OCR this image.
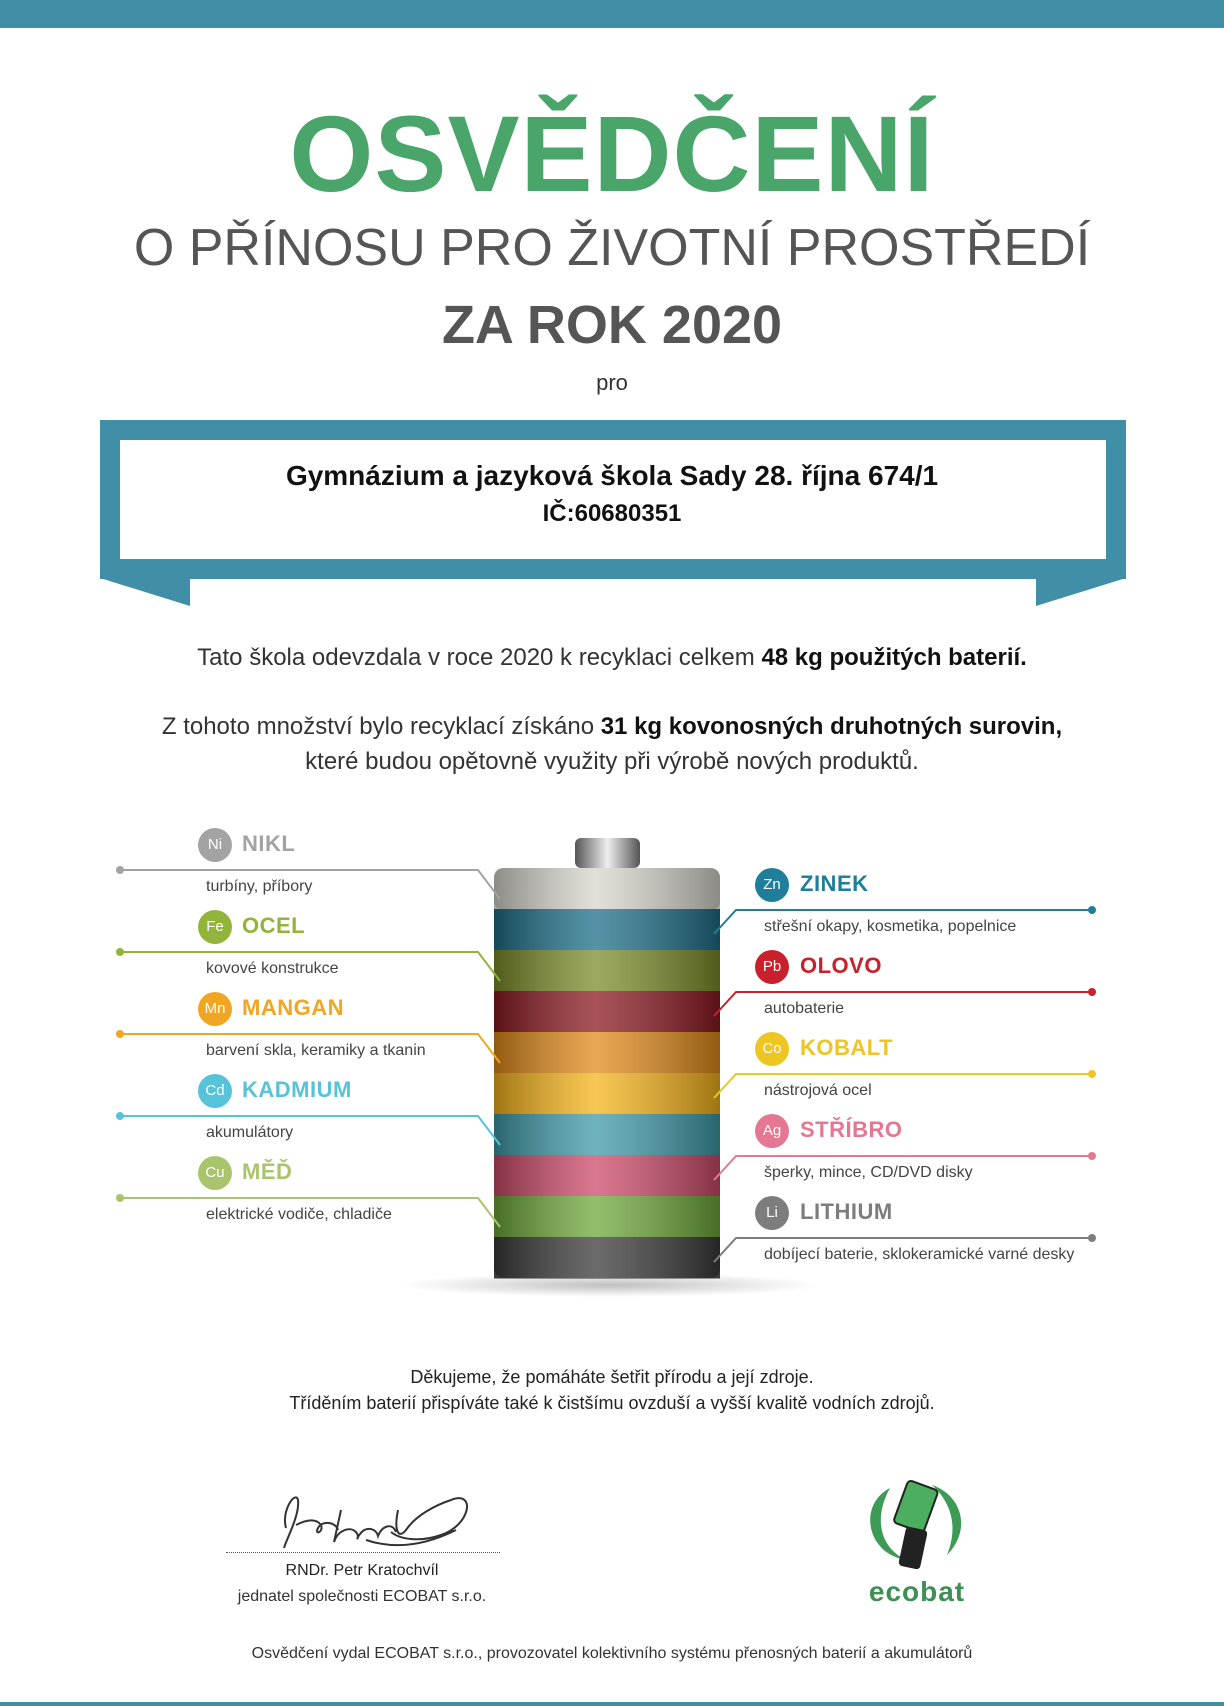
OSVĚDČENÍ
O PŘÍNOSU PRO ŽIVOTNÍ PROSTŘEDÍ
ZA ROK 2020
pro
Gymnázium a jazyková škola Sady 28. října 674/1
IČ:60680351
Tato škola odevzdala v roce 2020 k recyklaci celkem 48 kg použitých baterií.
Z tohoto množství bylo recyklací získáno 31 kg kovonosných druhotných surovin,
které budou opětovně využity při výrobě nových produktů.
Ni NIKL
turbíny, příbory
Fe OCEL
kovové konstrukce
Mn MANGAN
barvení skla, keramiky a tkanin
Cd KADMIUM
akumulátory
Cu MĚĎ
elektrické vodiče, chladiče
Zn ZINEK
střešní okapy, kosmetika, popelnice
Pb OLOVO
autobaterie
Co KOBALT
nástrojová ocel
Ag STŘÍBRO
šperky, mince, CD/DVD disky
Li	LITHIUM
dobíjecí baterie, sklokeramické varné desky
Děkujeme, že pomáháte šetřit přírodu a její zdroje.
Tříděním baterií přispíváte také k čistšímu ovzduší a vyšší kvalitě vodních zdrojů.
RNDr. Petr Kratochvíl
jednatel společnosti ECOBAT s.r.o.	ecobat
Osvědčení vydal ECOBAT s.r.o., provozovatel kolektivního systému přenosných baterií a akumulátorů
